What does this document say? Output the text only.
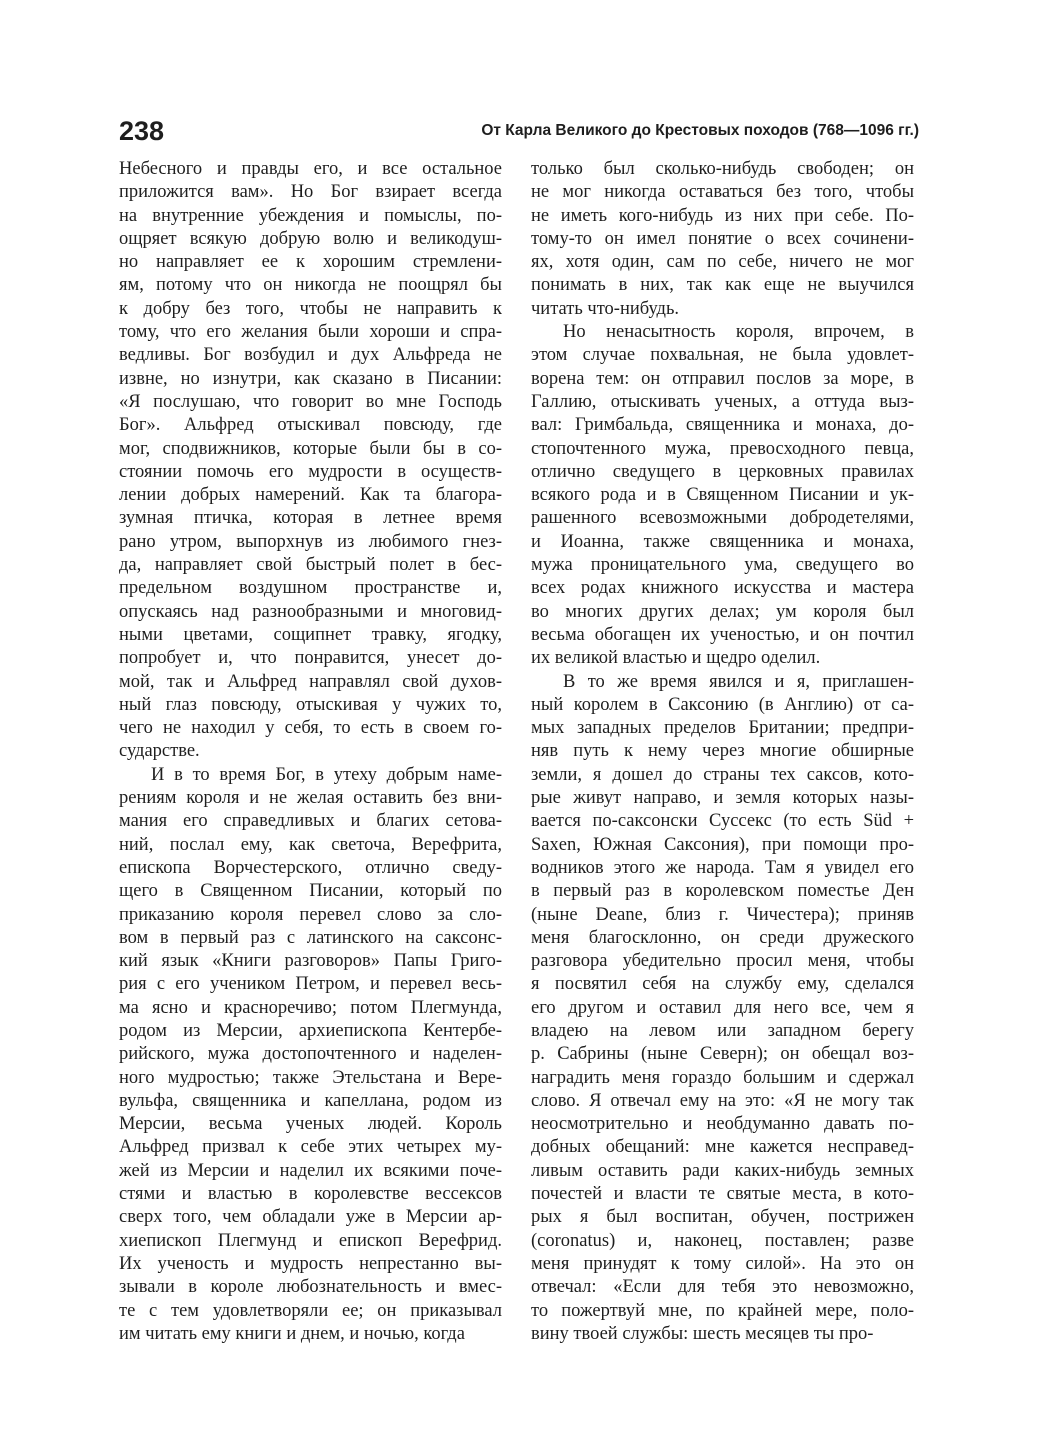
238	От Карла Великого до Крестовых походов (768—1096 гг.)
Небесного и правды его, и все остальное
приложится вам». Но Бог взирает всегда
на внутренние убеждения и помыслы, по-
ощряет всякую добрую волю и великодуш-
но направляет ее к хорошим стремлени-
ям, потому что он никогда не поощрял бы
к добру без того, чтобы не направить к
тому, что его желания были хороши и спра-
ведливы. Бог возбудил и дух Альфреда не
извне, но изнутри, как сказано в Писании:
«Я послушаю, что говорит во мне Господь
Бог». Альфред отыскивал повсюду, где
мог, сподвижников, которые были бы в со-
стоянии помочь его мудрости в осуществ-
лении добрых намерений. Как та благора-
зумная птичка, которая в летнее время
рано утром, выпорхнув из любимого гнез-
да, направляет свой быстрый полет в бес-
предельном воздушном пространстве и,
опускаясь над разнообразными и многовид-
ными цветами, сощипнет травку, ягодку,
попробует и, что понравится, унесет до-
мой, так и Альфред направлял свой духов-
ный глаз повсюду, отыскивая у чужих то,
чего не находил у себя, то есть в своем го-
сударстве.
И в то время Бог, в утеху добрым наме-
рениям короля и не желая оставить без вни-
мания его справедливых и благих сетова-
ний, послал ему, как светоча, Верефрита,
епископа Ворчестерского, отлично сведу-
щего в Священном Писании, который по
приказанию короля перевел слово за сло-
вом в первый раз с латинского на саксонс-
кий язык «Книги разговоров» Папы Григо-
рия с его учеником Петром, и перевел весь-
ма ясно и красноречиво; потом Плегмунда,
родом из Мерсии, архиепископа Кентербе-
рийского, мужа достопочтенного и наделен-
ного мудростью; также Этельстана и Вере-
вульфа, священника и капеллана, родом из
Мерсии, весьма ученых людей. Король
Альфред призвал к себе этих четырех му-
жей из Мерсии и наделил их всякими поче-
стями и властью в королевстве вессексов
сверх того, чем обладали уже в Мерсии ар-
хиепископ Плегмунд и епископ Верефрид.
Их ученость и мудрость непрестанно вы-
зывали в короле любознательность и вмес-
те с тем удовлетворяли ее; он приказывал
им читать ему книги и днем, и ночью, когда
только был сколько-нибудь свободен; он
не мог никогда оставаться без того, чтобы
не иметь кого-нибудь из них при себе. По-
тому-то он имел понятие о всех сочинени-
ях, хотя один, сам по себе, ничего не мог
понимать в них, так как еще не выучился
читать что-нибудь.
Но ненасытность короля, впрочем, в
этом случае похвальная, не была удовлет-
ворена тем: он отправил послов за море, в
Галлию, отыскивать ученых, а оттуда выз-
вал: Гримбальда, священника и монаха, до-
стопочтенного мужа, превосходного певца,
отлично сведущего в церковных правилах
всякого рода и в Священном Писании и ук-
рашенного всевозможными добродетелями,
и Иоанна, также священника и монаха,
мужа проницательного ума, сведущего во
всех родах книжного искусства и мастера
во многих других делах; ум короля был
весьма обогащен их ученостью, и он почтил
их великой властью и щедро оделил.
В то же время явился и я, приглашен-
ный королем в Саксонию (в Англию) от са-
мых западных пределов Британии; предпри-
няв путь к нему через многие обширные
земли, я дошел до страны тех саксов, кото-
рые живут направо, и земля которых назы-
вается по-саксонски Суссекс (то есть Süd +
Saxen, Южная Саксония), при помощи про-
водников этого же народа. Там я увидел его
в первый раз в королевском поместье Ден
(ныне Deane, близ г. Чичестера); приняв
меня благосклонно, он среди дружеского
разговора убедительно просил меня, чтобы
я посвятил себя на службу ему, сделался
его другом и оставил для него все, чем я
владею на левом или западном берегу
р. Сабрины (ныне Северн); он обещал воз-
наградить меня гораздо большим и сдержал
слово. Я отвечал ему на это: «Я не могу так
неосмотрительно и необдуманно давать по-
добных обещаний: мне кажется несправед-
ливым оставить ради каких-нибудь земных
почестей и власти те святые места, в кото-
рых я был воспитан, обучен, пострижен
(coronatus) и, наконец, поставлен; разве
меня принудят к тому силой». На это он
отвечал: «Если для тебя это невозможно,
то пожертвуй мне, по крайней мере, поло-
вину твоей службы: шесть месяцев ты про-
